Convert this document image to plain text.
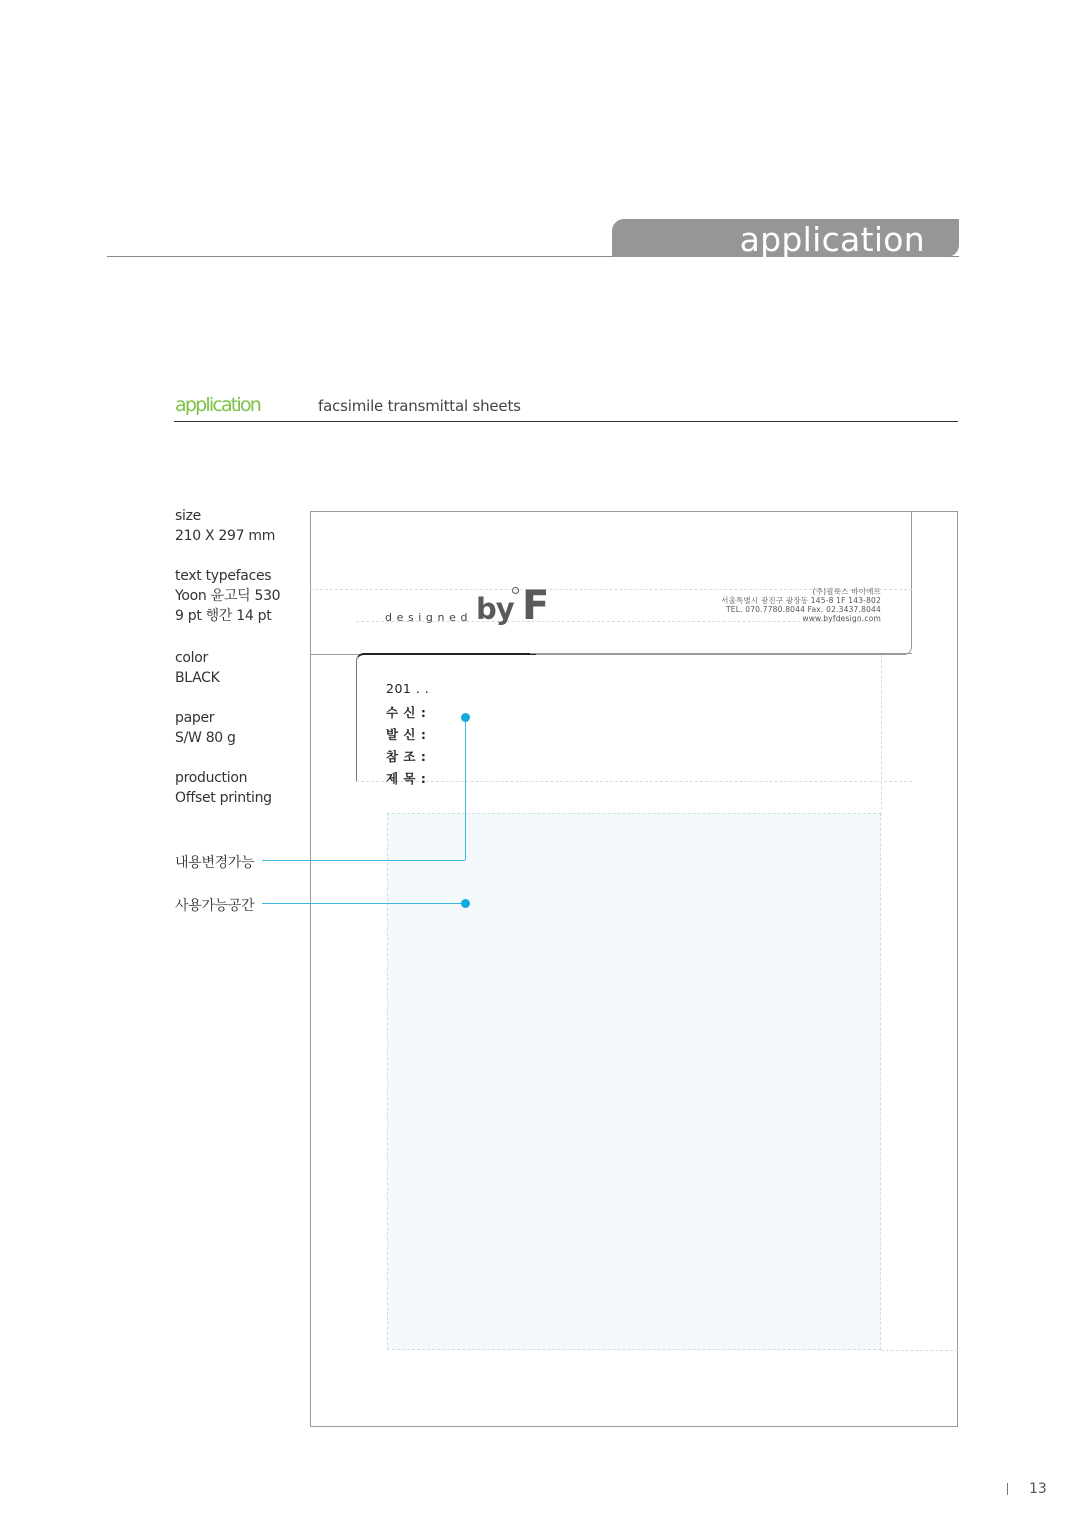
application
application	facsimile transmittal sheets
size
210 X 297 mm
text typefaces
Yoon 윤고딕 530
9 pt 행간 14 pt
color
BLACK
paper
S/W 80 g
production
Offset printing
designed by F	(주)필룩스 바이에프
서울특별시 광진구 광장동 145-8 1F 143-802
TEL. 070.7780.8044 Fax. 02.3437.8044
www.byfdesign.com
201 . .
수 신 :
발 신 :
참 조 :
제 목 :
내용변경가능
사용가능공간
13
